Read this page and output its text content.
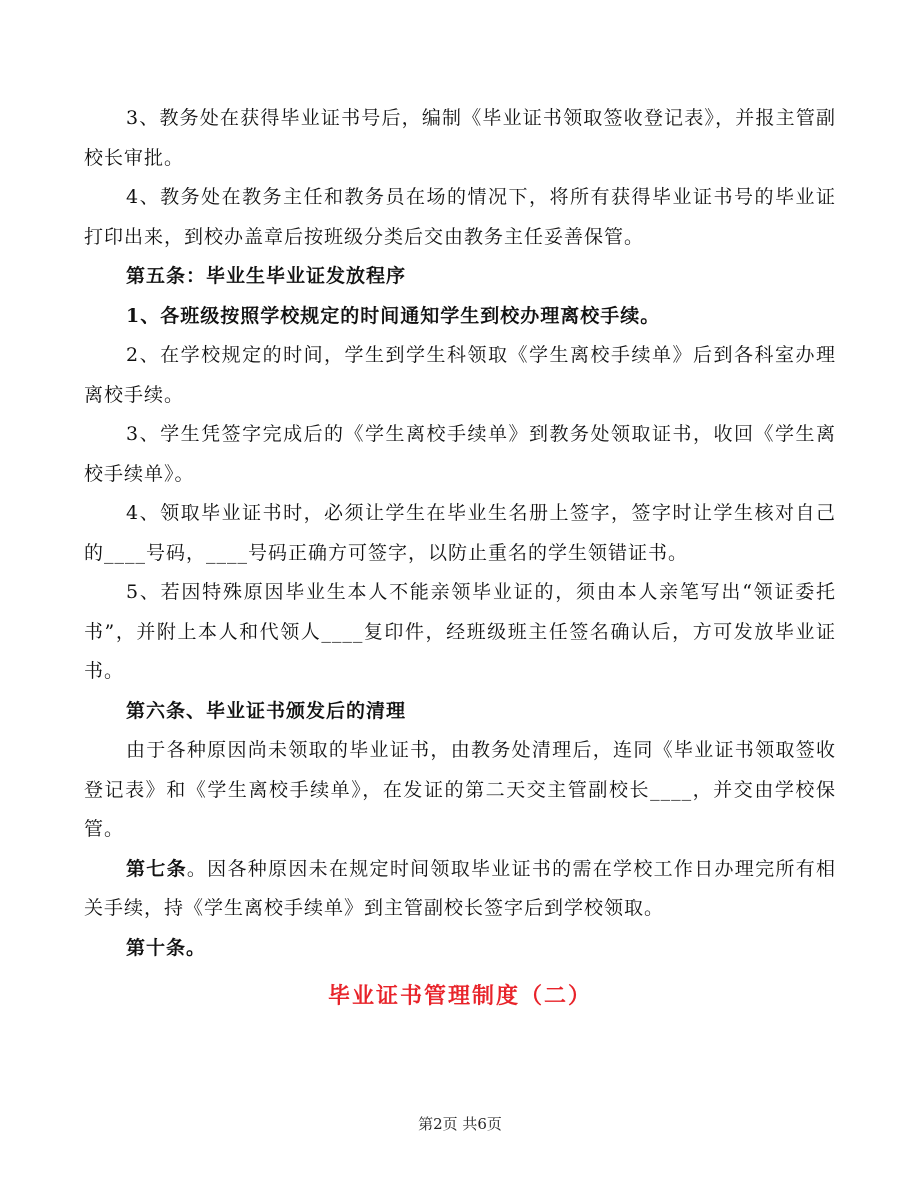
3、教务处在获得毕业证书号后，编制《毕业证书领取签收登记表》，并报主管副校长审批。

4、教务处在教务主任和教务员在场的情况下，将所有获得毕业证书号的毕业证打印出来，到校办盖章后按班级分类后交由教务主任妥善保管。

第五条：毕业生毕业证发放程序

1、各班级按照学校规定的时间通知学生到校办理离校手续。

2、在学校规定的时间，学生到学生科领取《学生离校手续单》后到各科室办理离校手续。

3、学生凭签字完成后的《学生离校手续单》到教务处领取证书，收回《学生离校手续单》。

4、领取毕业证书时，必须让学生在毕业生名册上签字，签字时让学生核对自己的____号码，____号码正确方可签字，以防止重名的学生领错证书。

5、若因特殊原因毕业生本人不能亲领毕业证的，须由本人亲笔写出“领证委托书”，并附上本人和代领人____复印件，经班级班主任签名确认后，方可发放毕业证书。

第六条、毕业证书颁发后的清理

由于各种原因尚未领取的毕业证书，由教务处清理后，连同《毕业证书领取签收登记表》和《学生离校手续单》，在发证的第二天交主管副校长____，并交由学校保管。

第七条。因各种原因未在规定时间领取毕业证书的需在学校工作日办理完所有相关手续，持《学生离校手续单》到主管副校长签字后到学校领取。

第十条。

毕业证书管理制度（二）
第2页 共6页
